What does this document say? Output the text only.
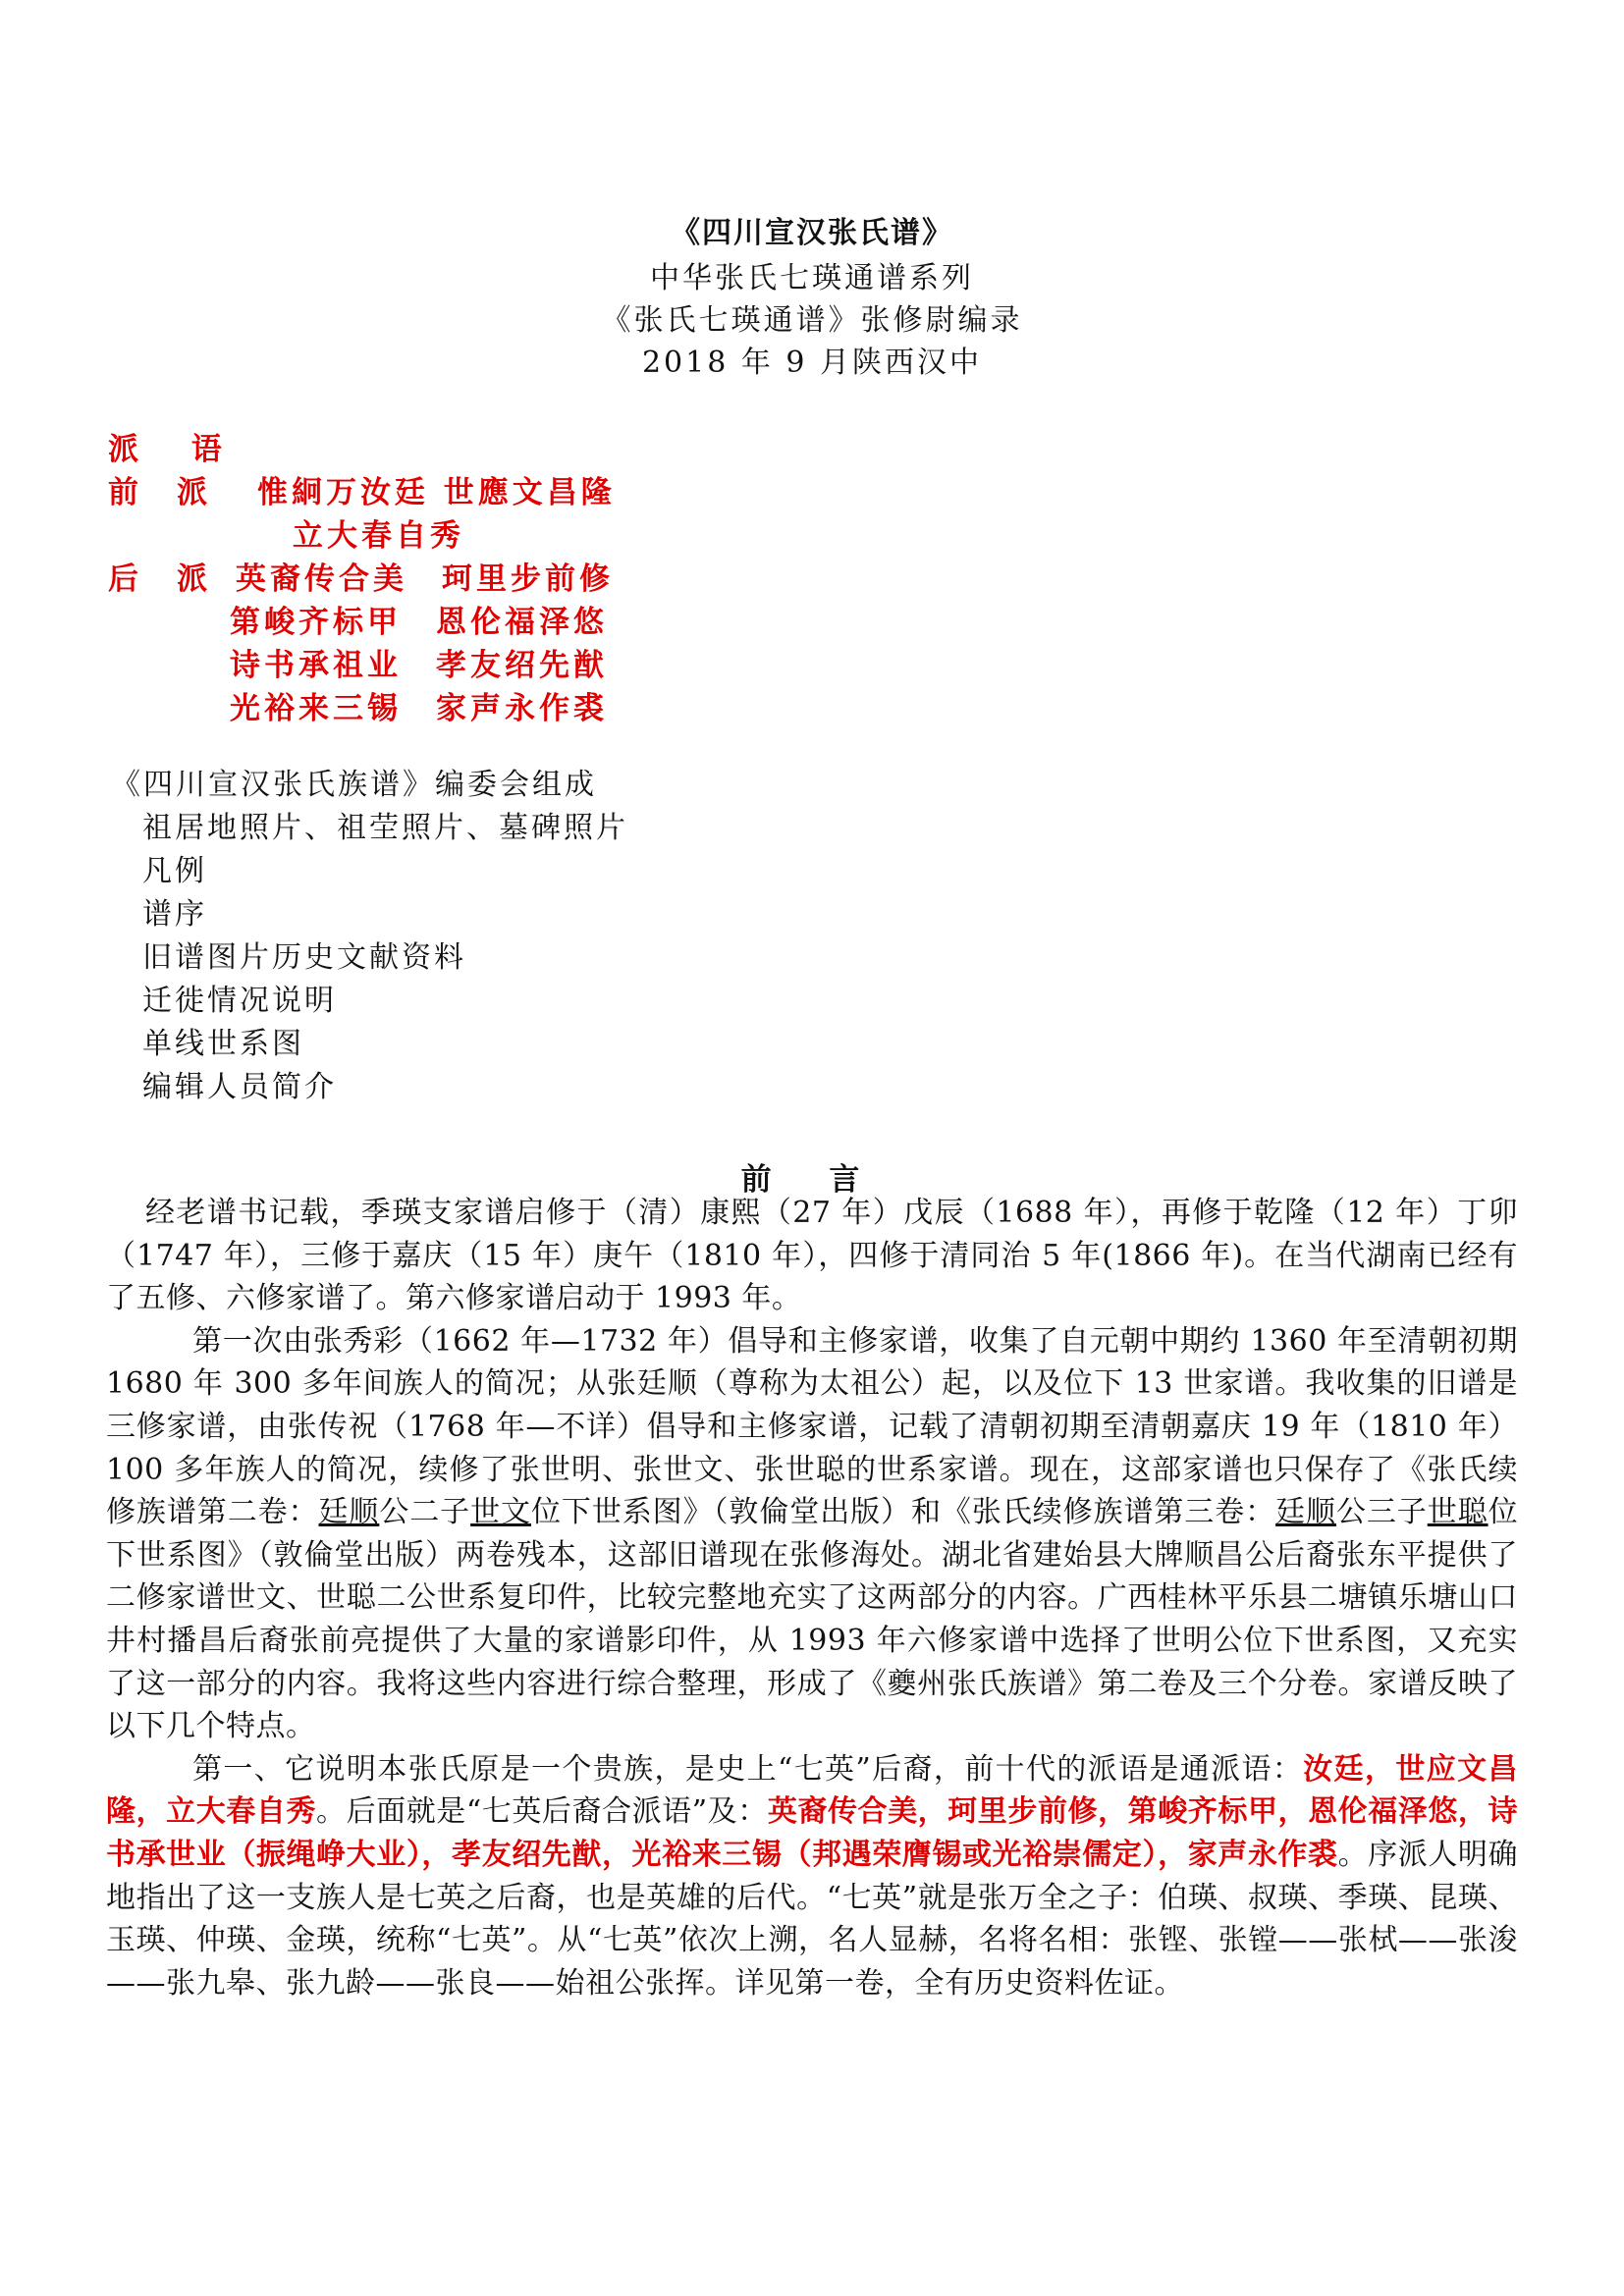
《四川宣汉张氏谱》
中华张氏七瑛通谱系列
《张氏七瑛通谱》张修尉编录
2018 年 9 月陕西汉中
派　 语
前　派 惟絅万汝廷 世應文昌隆
立大春自秀
后　派 英裔传合美　珂里步前修
第峻齐标甲　恩伦福泽悠
诗书承祖业　孝友绍先猷
光裕来三锡　家声永作裘
《四川宣汉张氏族谱》编委会组成
祖居地照片、祖茔照片、墓碑照片
凡例
谱序
旧谱图片历史文献资料
迁徙情况说明
单线世系图
编辑人员简介
前 言

经老谱书记载，季瑛支家谱启修于（清）康熙（27 年）戊辰（1688 年），再修于乾隆（12 年）丁卯（1747 年），三修于嘉庆（15 年）庚午（1810 年），四修于清同治 5 年(1866 年)。在当代湖南已经有了五修、六修家谱了。第六修家谱启动于 1993 年。

第一次由张秀彩（1662 年—1732 年）倡导和主修家谱，收集了自元朝中期约 1360 年至清朝初期 1680 年 300 多年间族人的简况；从张廷顺（尊称为太祖公）起，以及位下 13 世家谱。我收集的旧谱是三修家谱，由张传祝（1768 年—不详）倡导和主修家谱，记载了清朝初期至清朝嘉庆 19 年（1810 年）100 多年族人的简况，续修了张世明、张世文、张世聪的世系家谱。现在，这部家谱也只保存了《张氏续修族谱第二卷：廷顺公二子世文位下世系图》（敦倫堂出版）和《张氏续修族谱第三卷：廷顺公三子世聪位下世系图》（敦倫堂出版）两卷残本，这部旧谱现在张修海处。湖北省建始县大牌顺昌公后裔张东平提供了二修家谱世文、世聪二公世系复印件，比较完整地充实了这两部分的内容。广西桂林平乐县二塘镇乐塘山口井村播昌后裔张前亮提供了大量的家谱影印件，从 1993 年六修家谱中选择了世明公位下世系图，又充实了这一部分的内容。我将这些内容进行综合整理，形成了《夔州张氏族谱》第二卷及三个分卷。家谱反映了以下几个特点。

第一、它说明本张氏原是一个贵族，是史上“七英”后裔，前十代的派语是通派语：汝廷，世应文昌隆，立大春自秀。后面就是“七英后裔合派语”及：英裔传合美，珂里步前修，第峻齐标甲，恩伦福泽悠，诗书承世业（振绳峥大业），孝友绍先猷，光裕来三锡（邦遇荣膺锡或光裕崇儒定），家声永作裘。序派人明确地指出了这一支族人是七英之后裔，也是英雄的后代。“七英”就是张万全之子：伯瑛、叔瑛、季瑛、昆瑛、玉瑛、仲瑛、金瑛，统称“七英”。从“七英”依次上溯，名人显赫，名将名相：张铿、张镗——张栻——张浚——张九皋、张九龄——张良——始祖公张挥。详见第一卷，全有历史资料佐证。
